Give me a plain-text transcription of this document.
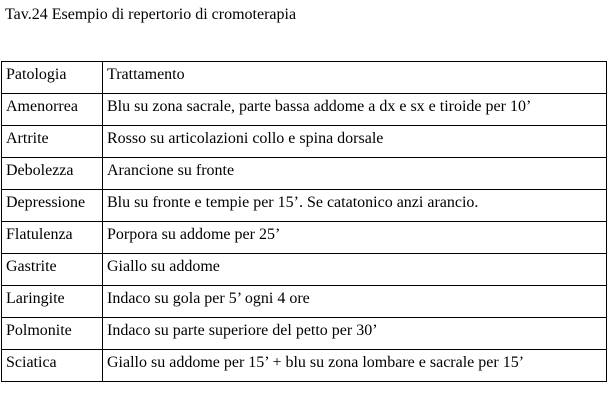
Tav.24 Esempio di repertorio di cromoterapia
Patologia	Trattamento
Amenorrea	Blu su zona sacrale, parte bassa addome a dx e sx e tiroide per 10’
Artrite	Rosso su articolazioni collo e spina dorsale
Debolezza	Arancione su fronte
Depressione	Blu su fronte e tempie per 15’. Se catatonico anzi arancio.
Flatulenza	Porpora su addome per 25’
Gastrite	Giallo su addome
Laringite	Indaco su gola per 5’ ogni 4 ore
Polmonite	Indaco su parte superiore del petto per 30’
Sciatica	Giallo su addome per 15’ + blu su zona lombare e sacrale per 15’
